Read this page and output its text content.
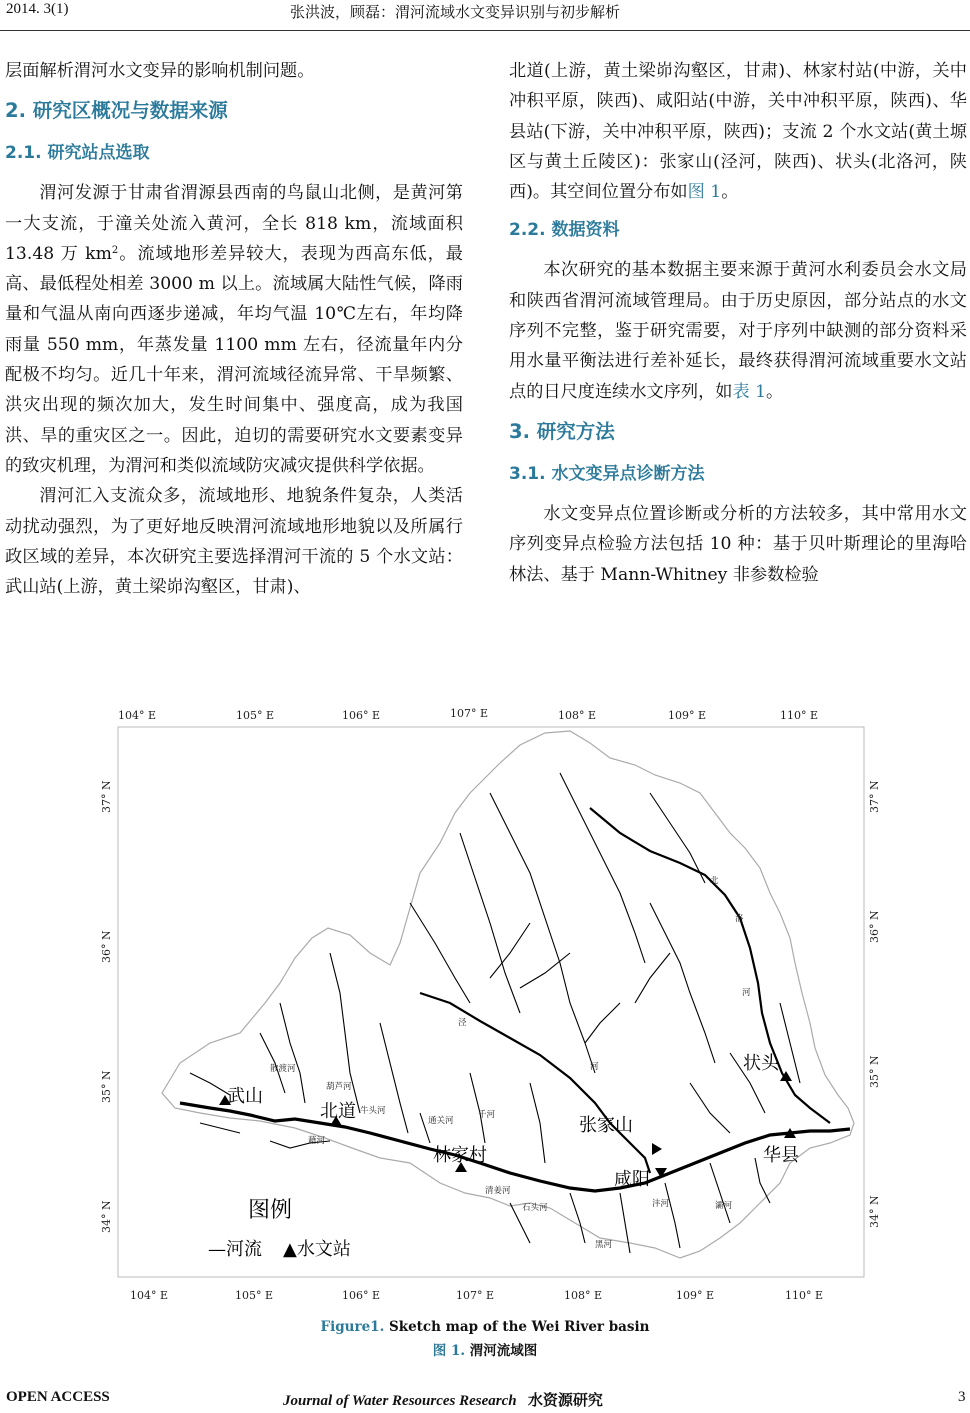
2014. 3(1)	张洪波，顾磊：渭河流域水文变异识别与初步解析

层面解析渭河水文变异的影响机制问题。

2. 研究区概况与数据来源
2.1. 研究站点选取

渭河发源于甘肃省渭源县西南的鸟鼠山北侧，是黄河第一大支流，于潼关处流入黄河，全长 818 km，流域面积 13.48 万 $km^2$。流域地形差异较大，表现为西高东低，最高、最低程处相差 3000 m 以上。流域属大陆性气候，降雨量和气温从南向西逐步递减，年均气温 10℃左右，年均降雨量 550 mm，年蒸发量 1100 mm 左右，径流量年内分配极不均匀。近几十年来，渭河流域径流异常、干旱频繁、洪灾出现的频次加大，发生时间集中、强度高，成为我国洪、旱的重灾区之一。因此，迫切的需要研究水文要素变异的致灾机理，为渭河和类似流域防灾减灾提供科学依据。

渭河汇入支流众多，流域地形、地貌条件复杂，人类活动扰动强烈，为了更好地反映渭河流域地形地貌以及所属行政区域的差异，本次研究主要选择渭河干流的 5 个水文站：武山站(上游，黄土梁峁沟壑区，甘肃)、

北道(上游，黄土梁峁沟壑区，甘肃)、林家村站(中游，关中冲积平原，陕西)、咸阳站(中游，关中冲积平原，陕西)、华县站(下游，关中冲积平原，陕西)；支流 2 个水文站(黄土塬区与黄土丘陵区)：张家山(泾河，陕西)、状头(北洛河，陕西)。其空间位置分布如图 1。

2.2. 数据资料

本次研究的基本数据主要来源于黄河水利委员会水文局和陕西省渭河流域管理局。由于历史原因，部分站点的水文序列不完整，鉴于研究需要，对于序列中缺测的部分资料采用水量平衡法进行差补延长，最终获得渭河流域重要水文站点的日尺度连续水文序列，如表 1。

3. 研究方法
3.1. 水文变异点诊断方法

水文变异点位置诊断或分析的方法较多，其中常用水文序列变异点检验方法包括 10 种：基于贝叶斯理论的里海哈林法、基于 Mann-Whitney 非参数检验

104° E	105° E	106° E	107° E	108° E	109° E	110° E
104° E	105° E	106° E	107° E	108° E	109° E	110° E
37° N
36° N
35° N
34° N
37° N
36° N
35° N
34° N
武山
北道
林家村
咸阳
华县
张家山
状头
散渡河
葫芦河
牛头河
藉河
通关河
千河
清姜河
石头河
黑河
沣河	灞河
泾
河
北
洛
河
图例
—河流 ▲水文站
Figure1. Sketch map of the Wei River basin
图 1. 渭河流域图
OPEN ACCESS	Journal of Water Resources Research 水资源研究	3
